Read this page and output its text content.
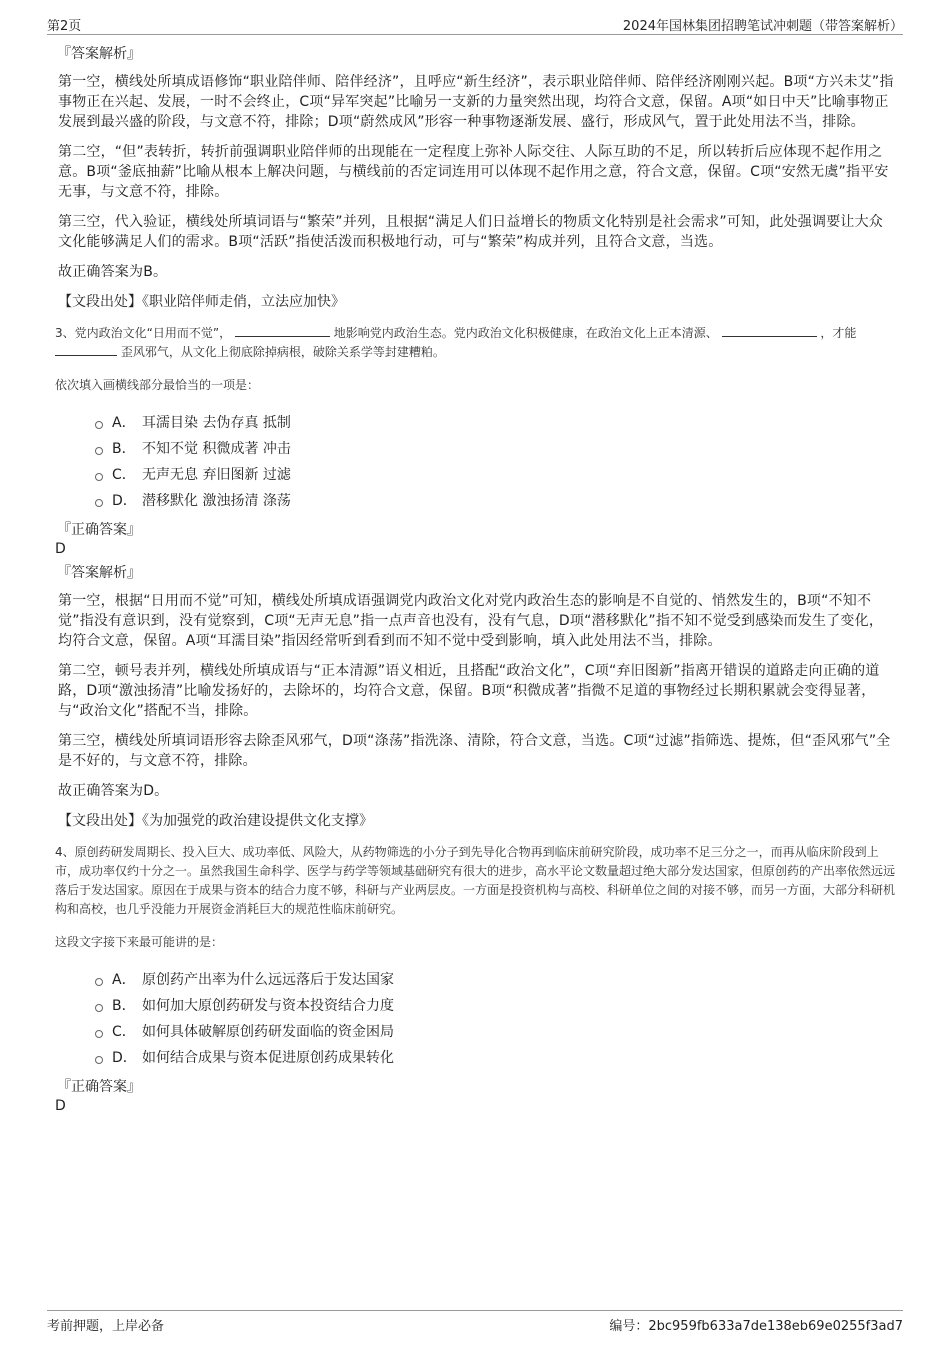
第2页	2024年国林集团招聘笔试冲刺题（带答案解析）
『答案解析』

第一空，横线处所填成语修饰“职业陪伴师、陪伴经济”，且呼应“新生经济”，表示职业陪伴师、陪伴经济刚刚兴起。B项“方兴未艾”指事物正在兴起、发展，一时不会终止，C项“异军突起”比喻另一支新的力量突然出现，均符合文意，保留。A项“如日中天”比喻事物正发展到最兴盛的阶段，与文意不符，排除；D项“蔚然成风”形容一种事物逐渐发展、盛行，形成风气，置于此处用法不当，排除。

第二空，“但”表转折，转折前强调职业陪伴师的出现能在一定程度上弥补人际交往、人际互助的不足，所以转折后应体现不起作用之意。B项“釜底抽薪”比喻从根本上解决问题，与横线前的否定词连用可以体现不起作用之意，符合文意，保留。C项“安然无虞”指平安无事，与文意不符，排除。

第三空，代入验证，横线处所填词语与“繁荣”并列，且根据“满足人们日益增长的物质文化特别是社会需求”可知，此处强调要让大众文化能够满足人们的需求。B项“活跃”指使活泼而积极地行动，可与“繁荣”构成并列，且符合文意，当选。

故正确答案为B。

【文段出处】《职业陪伴师走俏，立法应加快》

3、党内政治文化“日用而不觉”，	地影响党内政治生态。党内政治文化积极健康，在政治文化上正本清源、	，才能  歪风邪气，从文化上彻底除掉病根，破除关系学等封建糟粕。
依次填入画横线部分最恰当的一项是：
A． 耳濡目染 去伪存真 抵制
B． 不知不觉 积微成著 冲击
C． 无声无息 弃旧图新 过滤
D． 潜移默化 激浊扬清 涤荡
『正确答案』
D
『答案解析』

第一空，根据“日用而不觉”可知，横线处所填成语强调党内政治文化对党内政治生态的影响是不自觉的、悄然发生的，B项“不知不觉”指没有意识到，没有觉察到，C项“无声无息”指一点声音也没有，没有气息，D项“潜移默化”指不知不觉受到感染而发生了变化，均符合文意，保留。A项“耳濡目染”指因经常听到看到而不知不觉中受到影响，填入此处用法不当，排除。

第二空，顿号表并列，横线处所填成语与“正本清源”语义相近，且搭配“政治文化”，C项“弃旧图新”指离开错误的道路走向正确的道路，D项“激浊扬清”比喻发扬好的，去除坏的，均符合文意，保留。B项“积微成著”指微不足道的事物经过长期积累就会变得显著，与“政治文化”搭配不当，排除。

第三空，横线处所填词语形容去除歪风邪气，D项“涤荡”指洗涤、清除，符合文意，当选。C项“过滤”指筛选、提炼，但“歪风邪气”全是不好的，与文意不符，排除。

故正确答案为D。

【文段出处】《为加强党的政治建设提供文化支撑》

4、原创药研发周期长、投入巨大、成功率低、风险大，从药物筛选的小分子到先导化合物再到临床前研究阶段，成功率不足三分之一，而再从临床阶段到上市，成功率仅约十分之一。虽然我国生命科学、医学与药学等领域基础研究有很大的进步，高水平论文数量超过绝大部分发达国家，但原创药的产出率依然远远落后于发达国家。原因在于成果与资本的结合力度不够，科研与产业两层皮。一方面是投资机构与高校、科研单位之间的对接不够，而另一方面，大部分科研机构和高校，也几乎没能力开展资金消耗巨大的规范性临床前研究。
这段文字接下来最可能讲的是：
A． 原创药产出率为什么远远落后于发达国家
B． 如何加大原创药研发与资本投资结合力度
C． 如何具体破解原创药研发面临的资金困局
D． 如何结合成果与资本促进原创药成果转化
『正确答案』
D
考前押题，上岸必备	编号：2bc959fb633a7de138eb69e0255f3ad7
